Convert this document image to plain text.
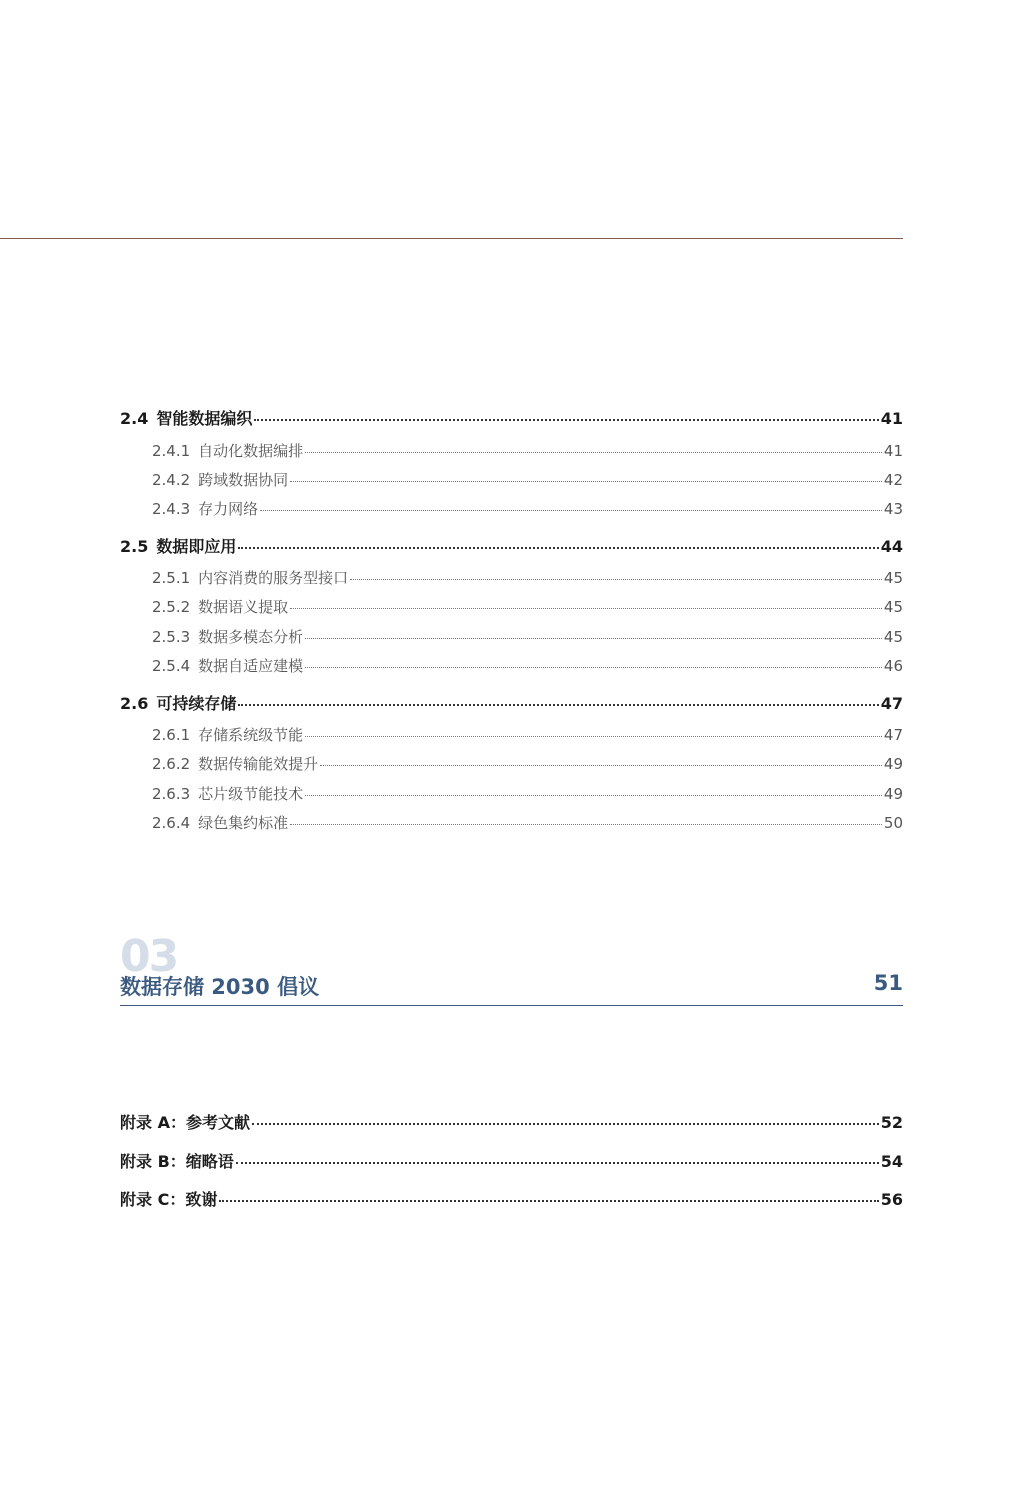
2.4 智能数据编织	41
2.4.1 自动化数据编排	41
2.4.2 跨域数据协同	42
2.4.3 存力网络	43
2.5 数据即应用	44
2.5.1 内容消费的服务型接口	45
2.5.2 数据语义提取	45
2.5.3 数据多模态分析	45
2.5.4 数据自适应建模	46
2.6 可持续存储	47
2.6.1 存储系统级节能	47
2.6.2 数据传输能效提升	49
2.6.3 芯片级节能技术	49
2.6.4 绿色集约标准	50
附录 A：参考文献	52
附录 B：缩略语	54
附录 C：致谢	56
03
数据存储 2030 倡议	51
